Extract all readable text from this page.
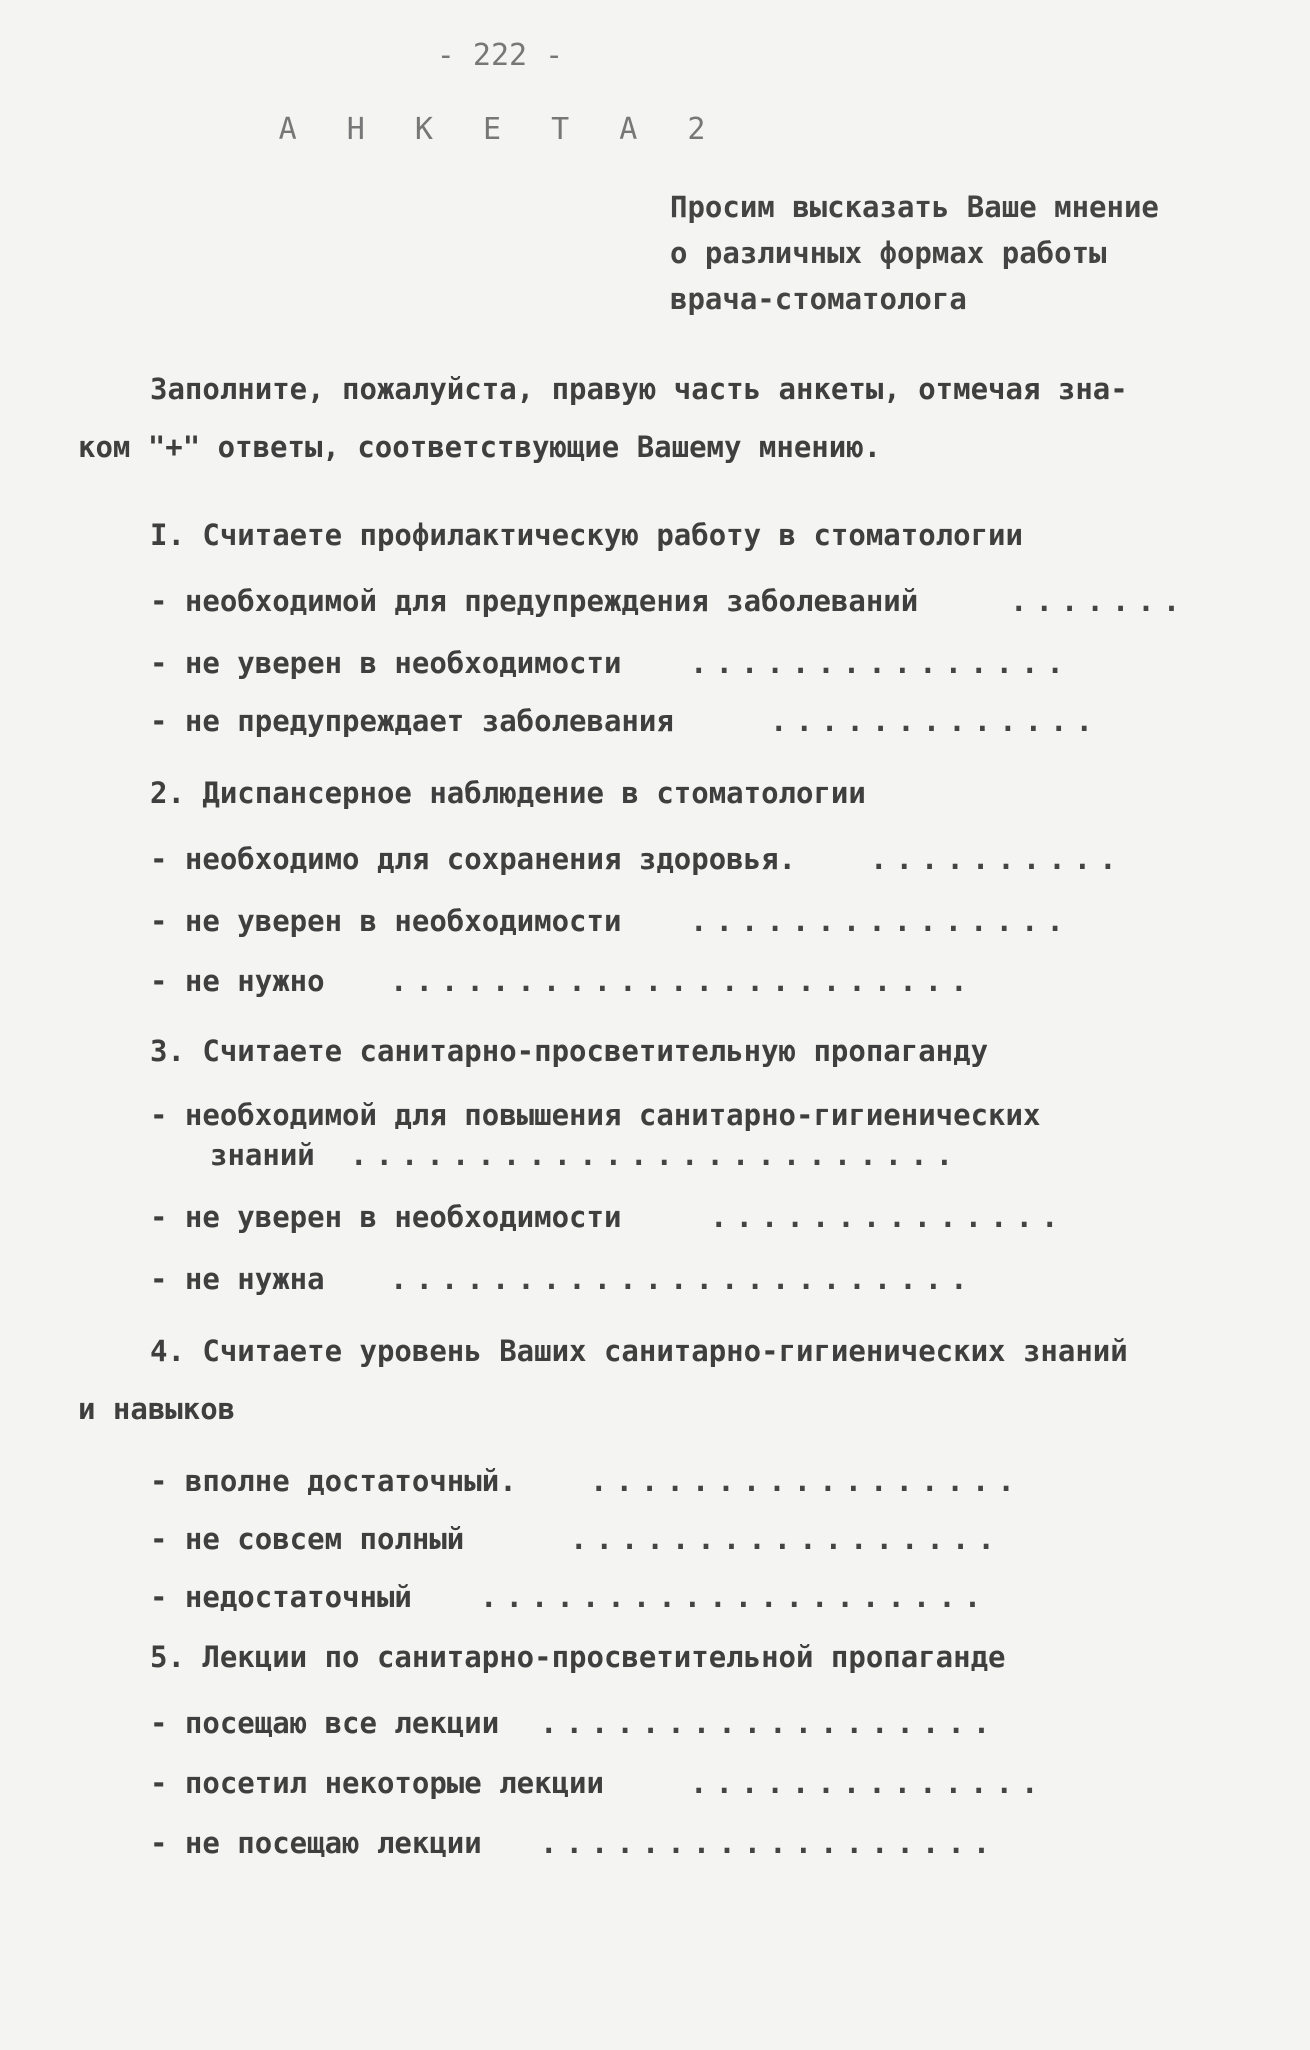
- 222 -
А Н К Е Т А 2
Просим высказать Ваше мнение
о различных формах работы
врача-стоматолога
Заполните, пожалуйста, правую часть анкеты, отмечая зна-
ком "+" ответы, соответствующие Вашему мнению.
I. Считаете профилактическую работу в стоматологии
- необходимой для предупреждения заболеваний	.......
- не уверен в необходимости ...............
- не предупреждает заболевания	.............
2. Диспансерное наблюдение в стоматологии
- необходимо для сохранения здоровья.	..........
- не уверен в необходимости ...............
- не нужно .......................
3. Считаете санитарно-просветительную пропаганду
- необходимой для повышения санитарно-гигиенических
знаний ........................
- не уверен в необходимости	..............
- не нужна .......................
4. Считаете уровень Ваших санитарно-гигиенических знаний
и навыков
- вполне достаточный.	.................
- не совсем полный	.................
- недостаточный ....................
5. Лекции по санитарно-просветительной пропаганде
- посещаю все лекции ..................
- посетил некоторые лекции	..............
- не посещаю лекции ..................
